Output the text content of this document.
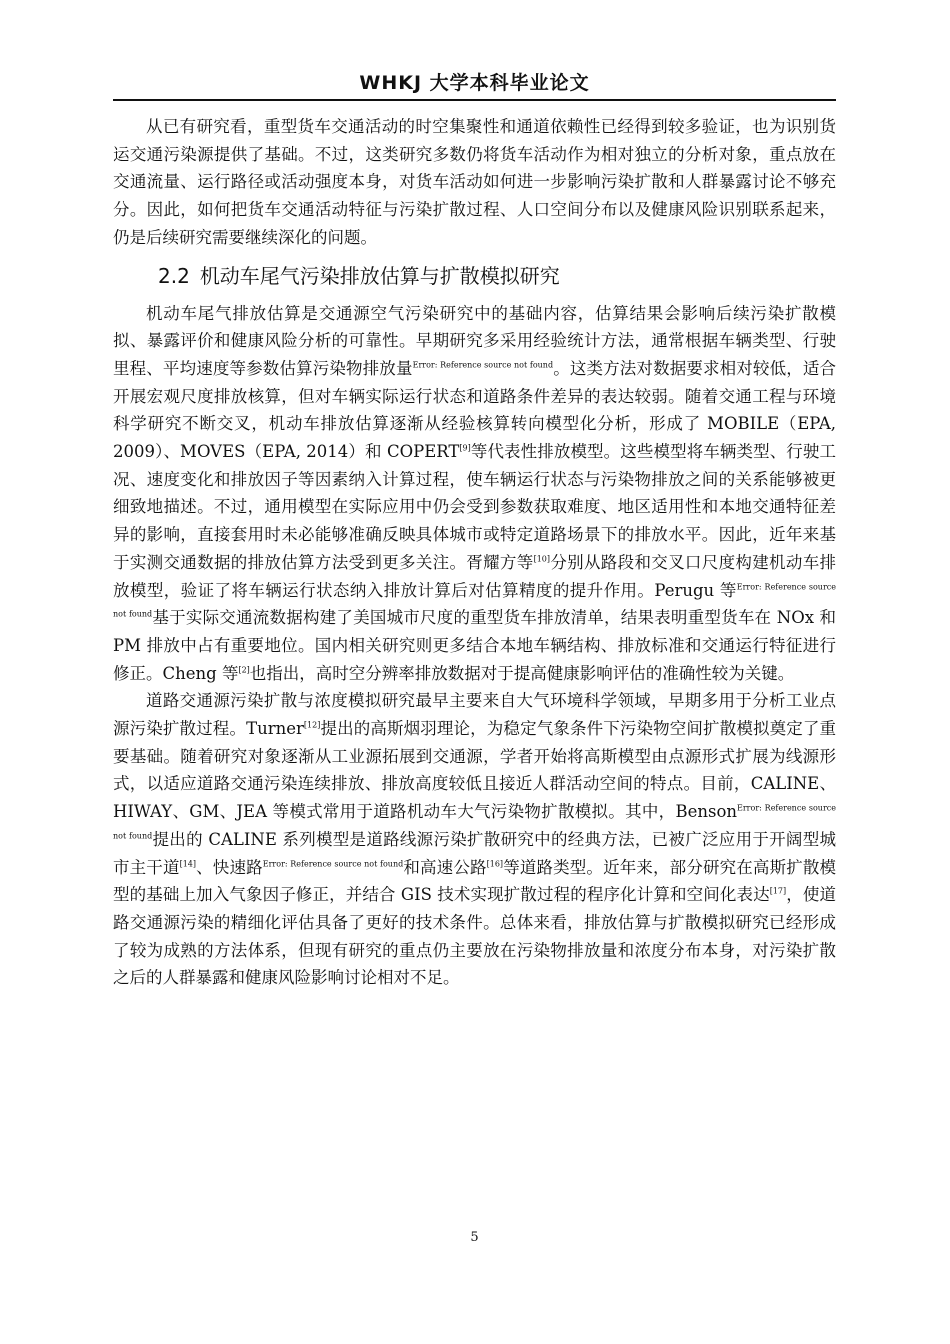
WHKJ 大学本科毕业论文

从已有研究看，重型货车交通活动的时空集聚性和通道依赖性已经得到较多验证，也为识别货运交通污染源提供了基础。不过，这类研究多数仍将货车活动作为相对独立的分析对象，重点放在交通流量、运行路径或活动强度本身，对货车活动如何进一步影响污染扩散和人群暴露讨论不够充分。因此，如何把货车交通活动特征与污染扩散过程、人口空间分布以及健康风险识别联系起来，仍是后续研究需要继续深化的问题。

2.2 机动车尾气污染排放估算与扩散模拟研究

机动车尾气排放估算是交通源空气污染研究中的基础内容，估算结果会影响后续污染扩散模拟、暴露评价和健康风险分析的可靠性。早期研究多采用经验统计方法，通常根据车辆类型、行驶里程、平均速度等参数估算污染物排放量$^{Error: Reference source not found}$。这类方法对数据要求相对较低，适合开展宏观尺度排放核算，但对车辆实际运行状态和道路条件差异的表达较弱。随着交通工程与环境科学研究不断交叉，机动车排放估算逐渐从经验核算转向模型化分析，形成了 MOBILE（EPA, 2009）、MOVES（EPA, 2014）和 COPERT[9]等代表性排放模型。这些模型将车辆类型、行驶工况、速度变化和排放因子等因素纳入计算过程，使车辆运行状态与污染物排放之间的关系能够被更细致地描述。不过，通用模型在实际应用中仍会受到参数获取难度、地区适用性和本地交通特征差异的影响，直接套用时未必能够准确反映具体城市或特定道路场景下的排放水平。因此，近年来基于实测交通数据的排放估算方法受到更多关注。胥耀方等[10]分别从路段和交叉口尺度构建机动车排放模型，验证了将车辆运行状态纳入排放计算后对估算精度的提升作用。Perugu 等$^{Error: Reference source not found}$基于实际交通流数据构建了美国城市尺度的重型货车排放清单，结果表明重型货车在 NOx 和 PM 排放中占有重要地位。国内相关研究则更多结合本地车辆结构、排放标准和交通运行特征进行修正。Cheng 等[2]也指出，高时空分辨率排放数据对于提高健康影响评估的准确性较为关键。

道路交通源污染扩散与浓度模拟研究最早主要来自大气环境科学领域，早期多用于分析工业点源污染扩散过程。Turner[12]提出的高斯烟羽理论，为稳定气象条件下污染物空间扩散模拟奠定了重要基础。随着研究对象逐渐从工业源拓展到交通源，学者开始将高斯模型由点源形式扩展为线源形式，以适应道路交通污染连续排放、排放高度较低且接近人群活动空间的特点。目前，CALINE、HIWAY、GM、JEA 等模式常用于道路机动车大气污染物扩散模拟。其中，Benson$^{Error: Reference source not found}$提出的 CALINE 系列模型是道路线源污染扩散研究中的经典方法，已被广泛应用于开阔型城市主干道[14]、快速路$^{Error: Reference source not found}$和高速公路[16]等道路类型。近年来，部分研究在高斯扩散模型的基础上加入气象因子修正，并结合 GIS 技术实现扩散过程的程序化计算和空间化表达[17]，使道路交通源污染的精细化评估具备了更好的技术条件。总体来看，排放估算与扩散模拟研究已经形成了较为成熟的方法体系，但现有研究的重点仍主要放在污染物排放量和浓度分布本身，对污染扩散之后的人群暴露和健康风险影响讨论相对不足。

5
